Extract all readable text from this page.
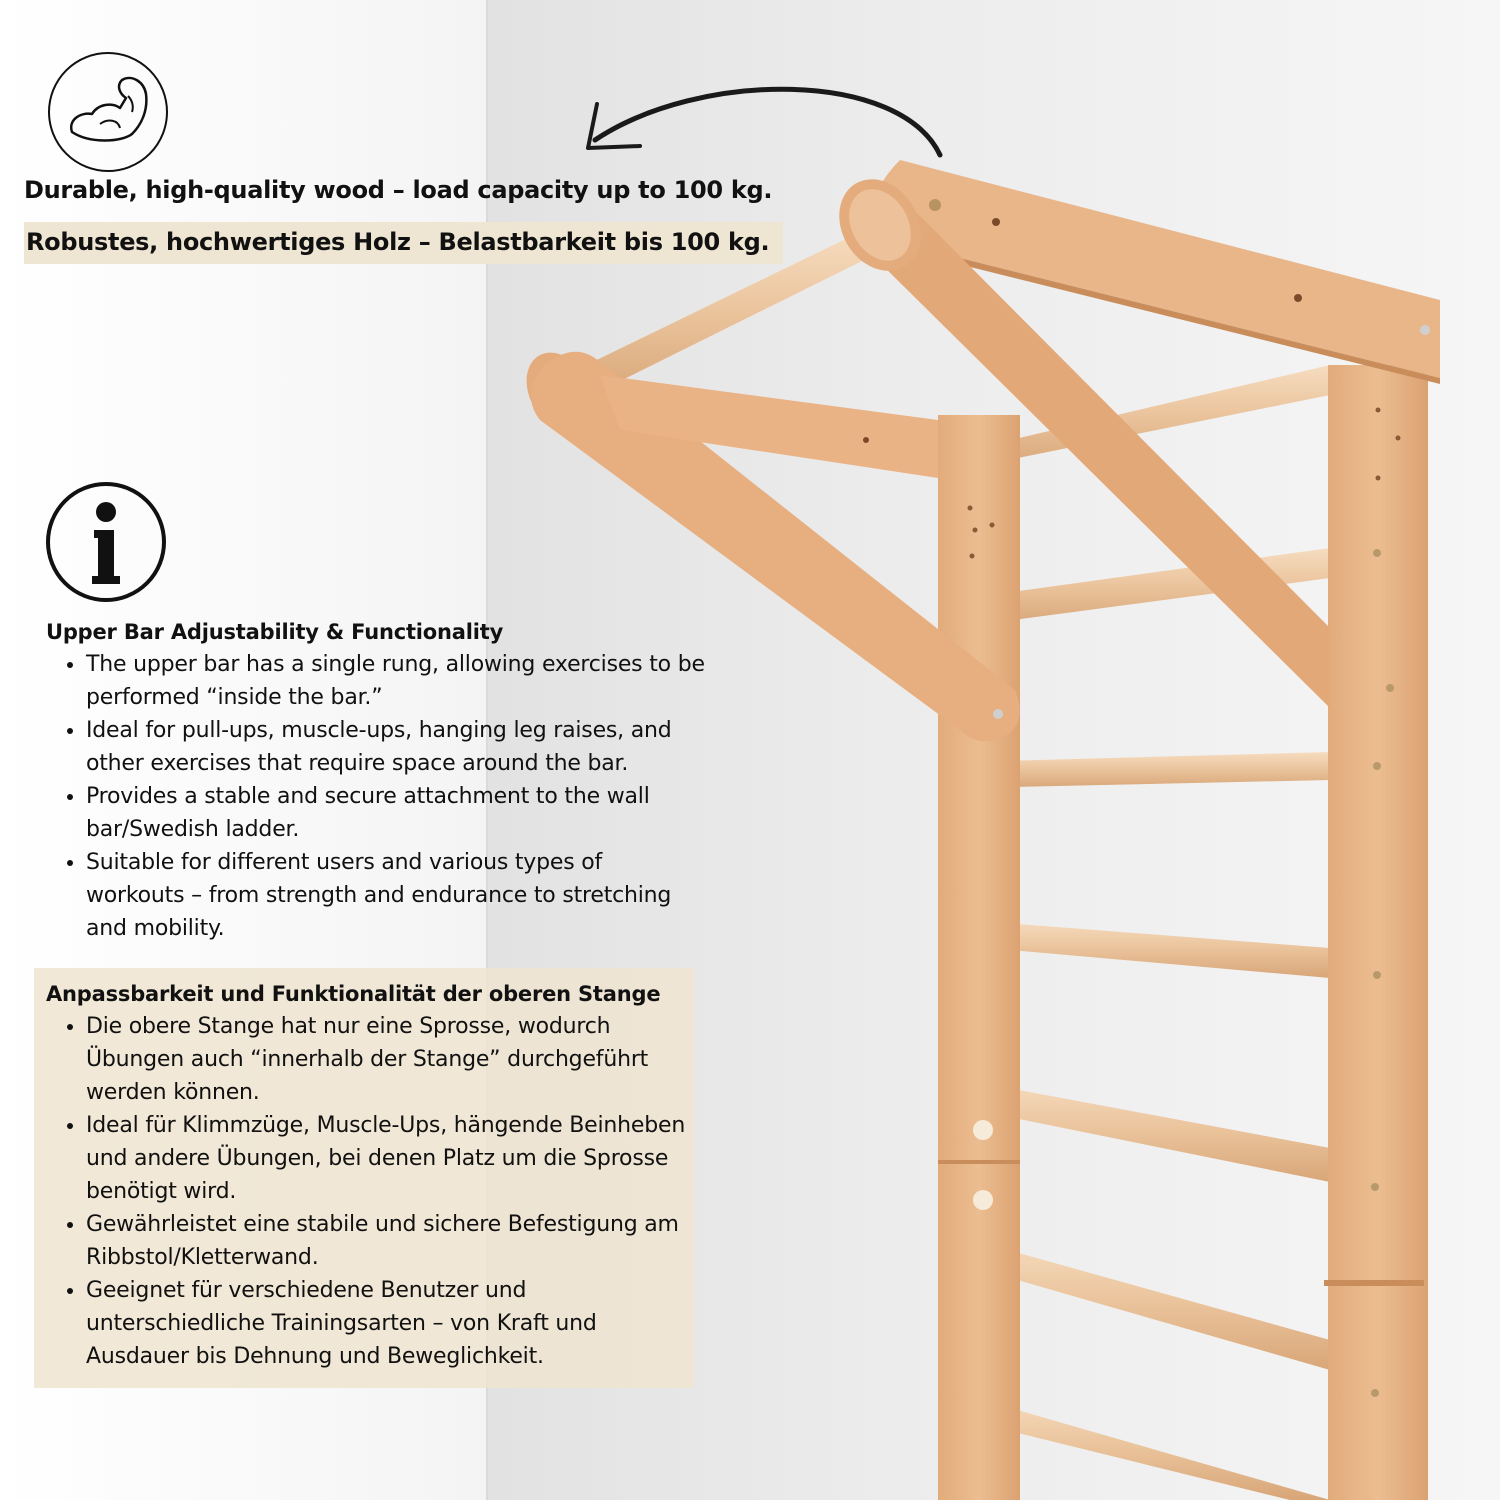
Durable, high-quality wood – load capacity up to 100 kg.
Robustes, hochwertiges Holz – Belastbarkeit bis 100 kg.
Upper Bar Adjustability & Functionality
• The upper bar has a single rung, allowing exercises to be performed “inside the bar.”
• Ideal for pull-ups, muscle-ups, hanging leg raises, and other exercises that require space around the bar.
• Provides a stable and secure attachment to the wall bar/Swedish ladder.
• Suitable for different users and various types of workouts – from strength and endurance to stretching and mobility.
Anpassbarkeit und Funktionalität der oberen Stange
• Die obere Stange hat nur eine Sprosse, wodurch Übungen auch “innerhalb der Stange” durchgeführt werden können.
• Ideal für Klimmzüge, Muscle-Ups, hängende Beinheben und andere Übungen, bei denen Platz um die Sprosse benötigt wird.
• Gewährleistet eine stabile und sichere Befestigung am Ribbstol/Kletterwand.
• Geeignet für verschiedene Benutzer und unterschiedliche Trainingsarten – von Kraft und Ausdauer bis Dehnung und Beweglichkeit.
